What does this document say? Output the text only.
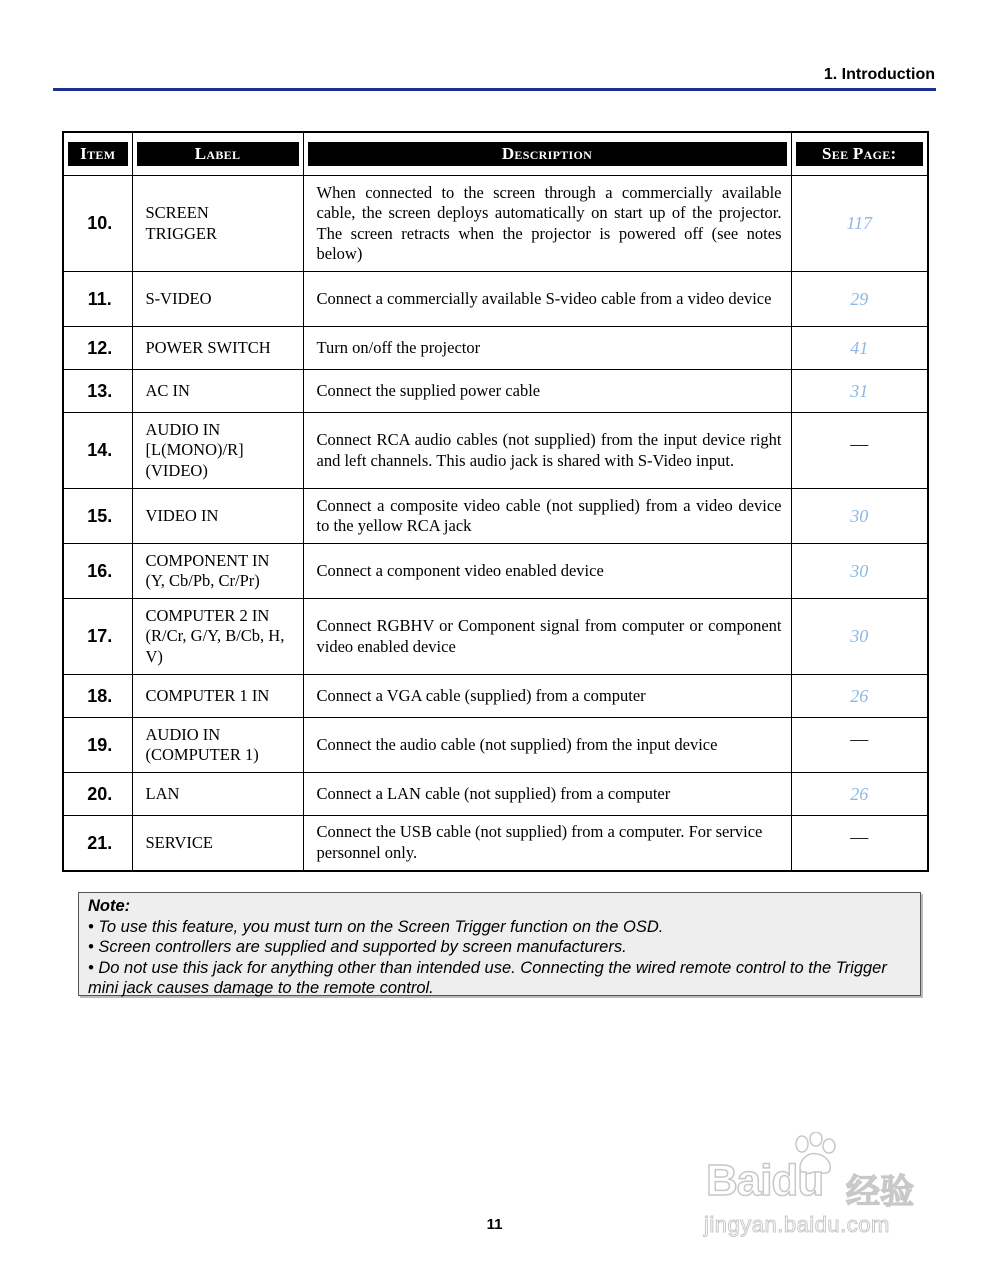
1. Introduction
Item	Label	Description	See Page:

10.	SCREEN TRIGGER	When connected to the screen through a commercially available cable, the screen deploys automatically on start up of the projector. The screen retracts when the projector is powered off (see notes below)	117
11.	S-VIDEO	Connect a commercially available S-video cable from a video device	29
12.	POWER SWITCH	Turn on/off the projector	41
13.	AC IN	Connect the supplied power cable	31
14.	AUDIO IN [L(MONO)/R] (VIDEO)	Connect RCA audio cables (not supplied) from the input device right and left channels. This audio jack is shared with S-Video input.	—
15.	VIDEO IN	Connect a composite video cable (not supplied) from a video device to the yellow RCA jack	30
16.	COMPONENT IN (Y, Cb/Pb, Cr/Pr)	Connect a component video enabled device	30
17.	COMPUTER 2 IN (R/Cr, G/Y, B/Cb, H, V)	Connect RGBHV or Component signal from computer or component video enabled device	30
18.	COMPUTER 1 IN	Connect a VGA cable (supplied) from a computer	26
19.	AUDIO IN (COMPUTER 1)	Connect the audio cable (not supplied) from the input device	—
20.	LAN	Connect a LAN cable (not supplied) from a computer	26
21.	SERVICE	Connect the USB cable (not supplied) from a computer. For service personnel only.	—
Note:
• To use this feature, you must turn on the Screen Trigger function on the OSD.
• Screen controllers are supplied and supported by screen manufacturers.
• Do not use this jack for anything other than intended use. Connecting the wired remote control to the Trigger mini jack causes damage to the remote control.
11
Baidu 经验
jingyan.baidu.com
